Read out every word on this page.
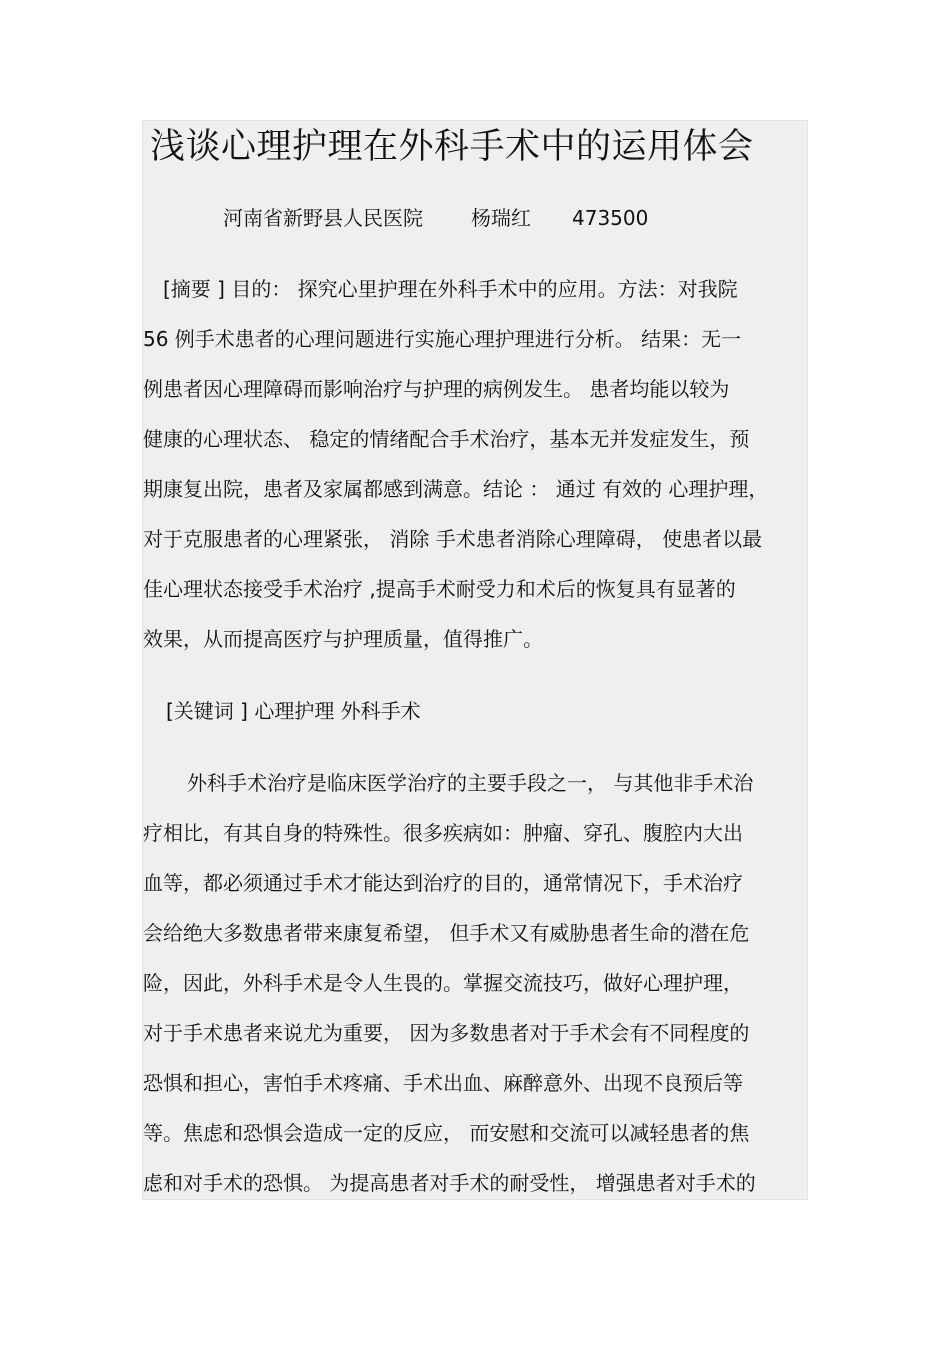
浅谈心理护理在外科手术中的运用体会
河南省新野县人民医院 杨瑞红 473500
[摘要 ] 目的： 探究心里护理在外科手术中的应用。方法：对我院
56 例手术患者的心理问题进行实施心理护理进行分析。 结果：无一
例患者因心理障碍而影响治疗与护理的病例发生。 患者均能以较为
健康的心理状态、 稳定的情绪配合手术治疗，基本无并发症发生，预
期康复出院，患者及家属都感到满意。结论 ： 通过 有效的 心理护理，
对于克服患者的心理紧张， 消除 手术患者消除心理障碍， 使患者以最
佳心理状态接受手术治疗 ,提高手术耐受力和术后的恢复具有显著的
效果，从而提高医疗与护理质量，值得推广。
[关键词 ] 心理护理 外科手术
外科手术治疗是临床医学治疗的主要手段之一， 与其他非手术治
疗相比，有其自身的特殊性。很多疾病如：肿瘤、穿孔、腹腔内大出
血等，都必须通过手术才能达到治疗的目的，通常情况下，手术治疗
会给绝大多数患者带来康复希望， 但手术又有威胁患者生命的潜在危
险，因此，外科手术是令人生畏的。掌握交流技巧，做好心理护理，
对于手术患者来说尤为重要， 因为多数患者对于手术会有不同程度的
恐惧和担心，害怕手术疼痛、手术出血、麻醉意外、出现不良预后等
等。焦虑和恐惧会造成一定的反应， 而安慰和交流可以减轻患者的焦
虑和对手术的恐惧。 为提高患者对手术的耐受性， 增强患者对手术的
